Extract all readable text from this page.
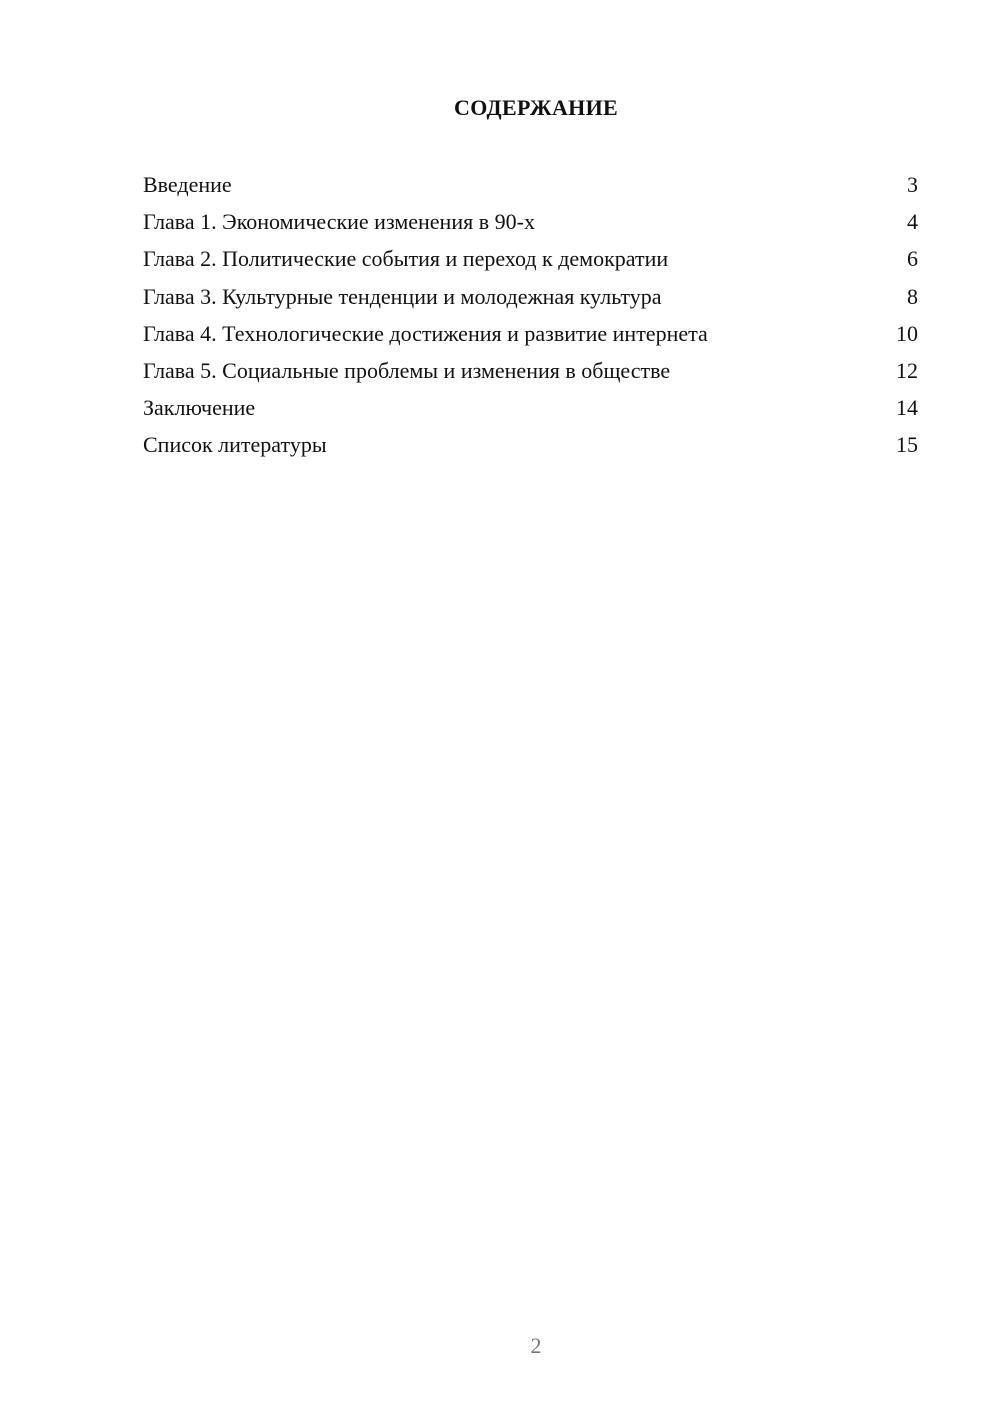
СОДЕРЖАНИЕ
Введение	3
Глава 1. Экономические изменения в 90-х	4
Глава 2. Политические события и переход к демократии	6
Глава 3. Культурные тенденции и молодежная культура	8
Глава 4. Технологические достижения и развитие интернета	10
Глава 5. Социальные проблемы и изменения в обществе	12
Заключение	14
Список литературы	15
2
